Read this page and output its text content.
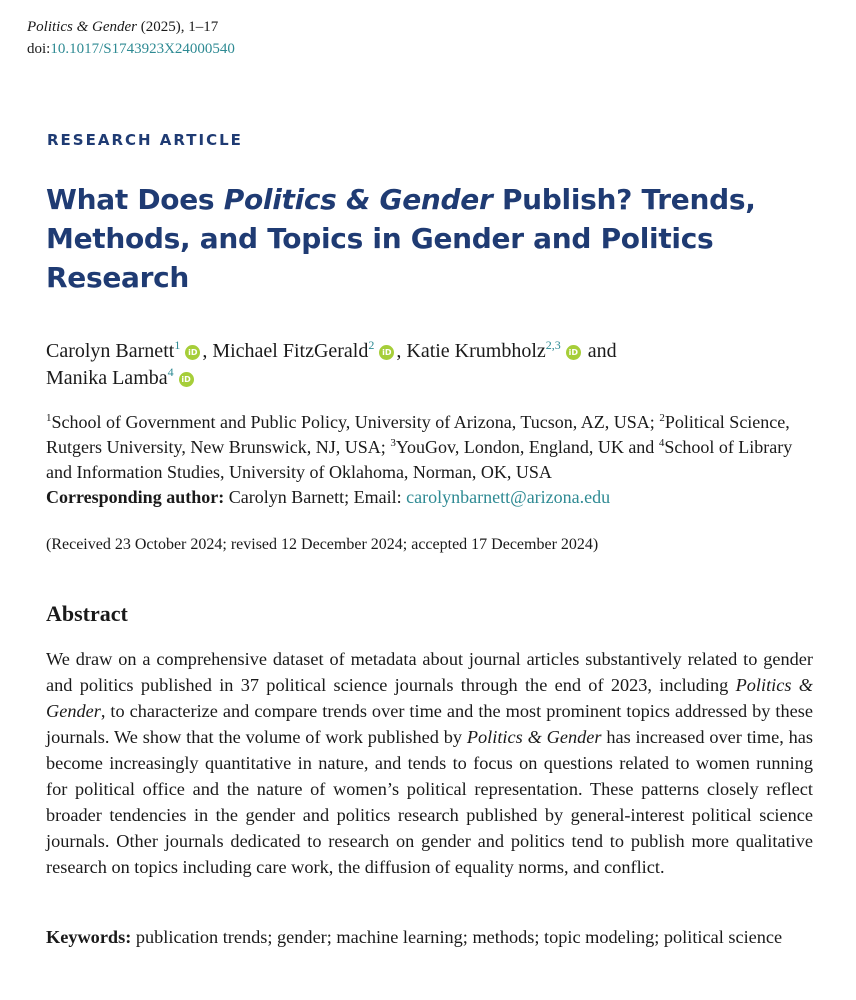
Politics & Gender (2025), 1–17
doi:10.1017/S1743923X24000540
RESEARCH ARTICLE
What Does Politics & Gender Publish? Trends, Methods, and Topics in Gender and Politics Research
Carolyn Barnett$^1$iD , Michael FitzGerald$^2$iD , Katie Krumbholz$^{2,3}$iD and
Manika Lamba$^4$iD
$^1$School of Government and Public Policy, University of Arizona, Tucson, AZ, USA; $^2$Political Science, Rutgers University, New Brunswick, NJ, USA; $^3$YouGov, London, England, UK and $^4$School of Library and Information Studies, University of Oklahoma, Norman, OK, USA
Corresponding author: Carolyn Barnett; Email: carolynbarnett@arizona.edu
(Received 23 October 2024; revised 12 December 2024; accepted 17 December 2024)
Abstract

We draw on a comprehensive dataset of metadata about journal articles substantively related to gender and politics published in 37 political science journals through the end of 2023, including Politics & Gender, to characterize and compare trends over time and the most prominent topics addressed by these journals. We show that the volume of work published by Politics & Gender has increased over time, has become increasingly quantitative in nature, and tends to focus on questions related to women running for political office and the nature of women’s political representation. These patterns closely reflect broader tendencies in the gender and politics research published by general-interest political science journals. Other journals dedicated to research on gender and politics tend to publish more qualitative research on topics including care work, the diffusion of equality norms, and conflict.

Keywords: publication trends; gender; machine learning; methods; topic modeling; political science
